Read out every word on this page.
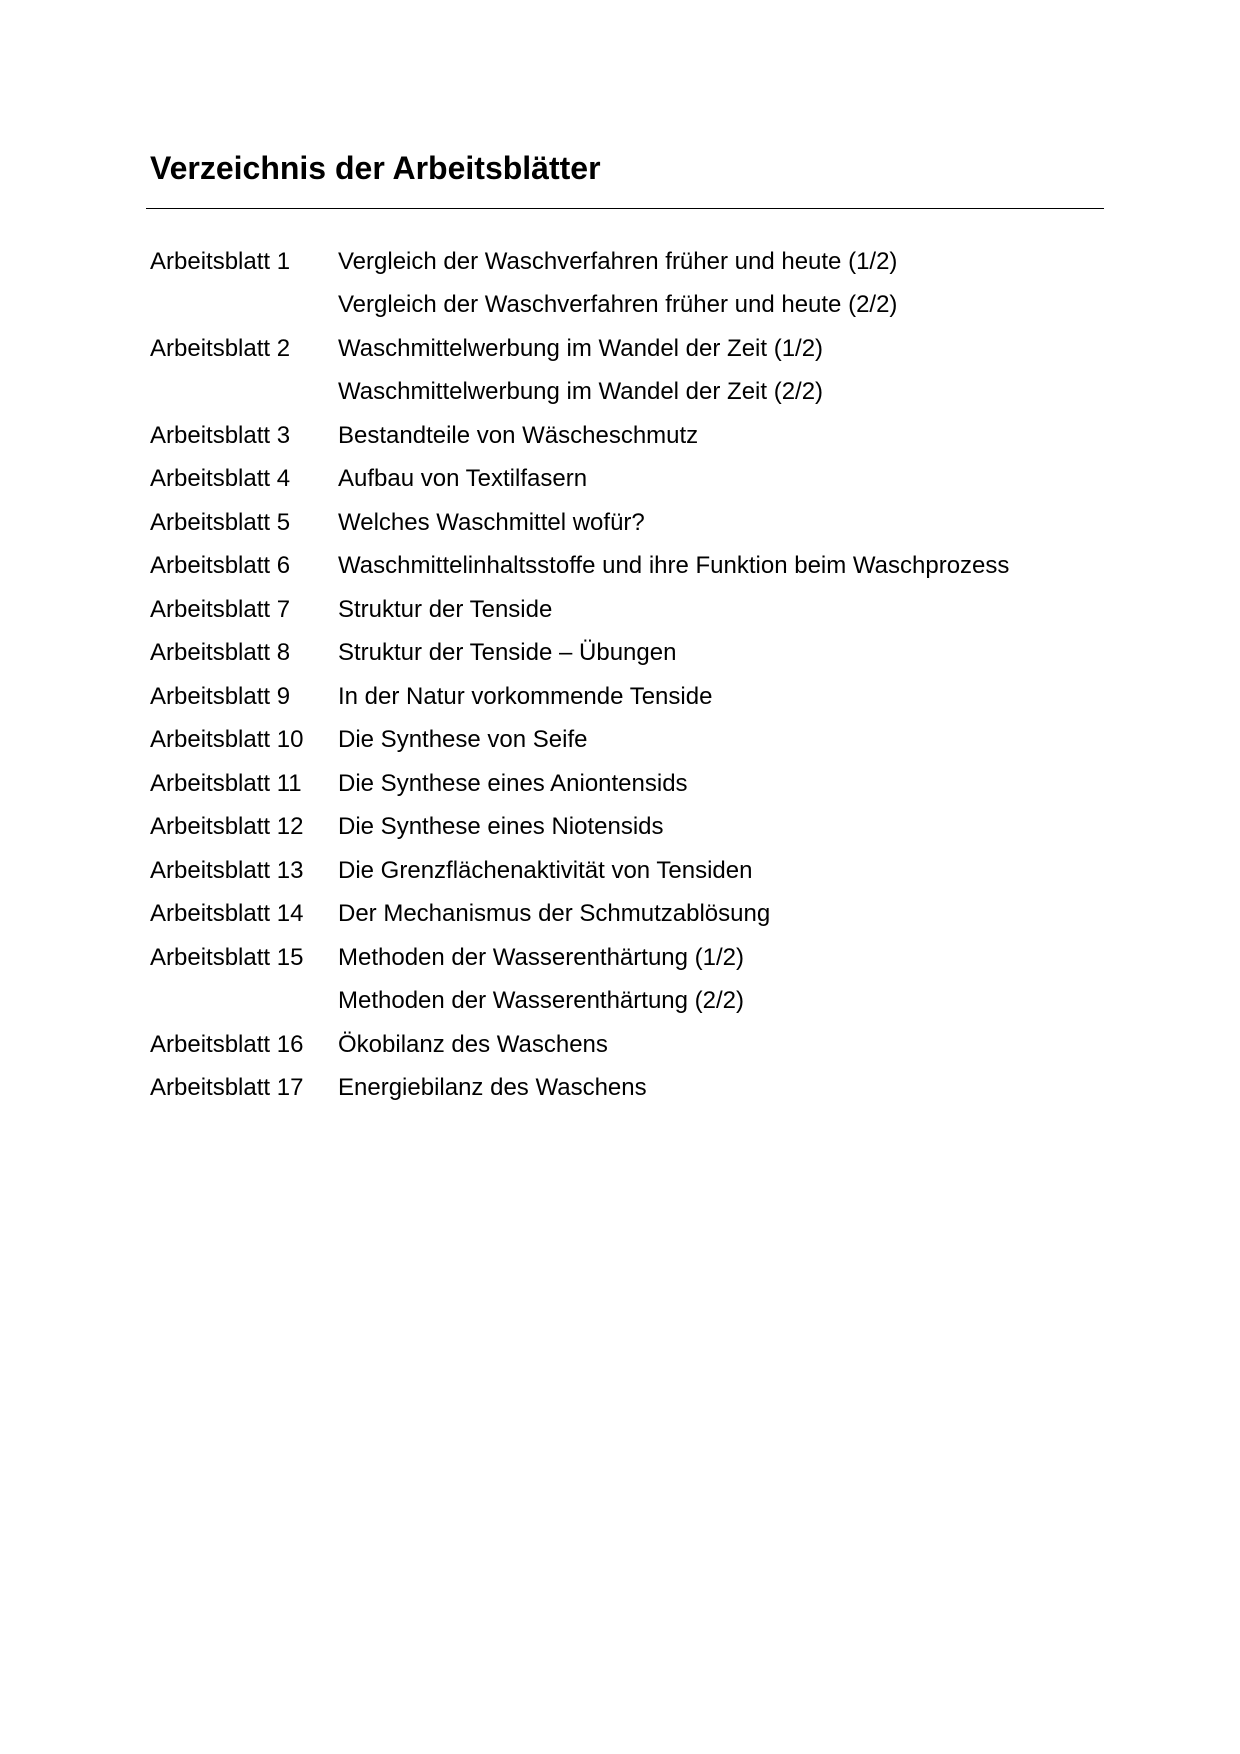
Verzeichnis der Arbeitsblätter
Arbeitsblatt 1	Vergleich der Waschverfahren früher und heute (1/2)
Vergleich der Waschverfahren früher und heute (2/2)
Arbeitsblatt 2	Waschmittelwerbung im Wandel der Zeit (1/2)
Waschmittelwerbung im Wandel der Zeit (2/2)
Arbeitsblatt 3	Bestandteile von Wäscheschmutz
Arbeitsblatt 4	Aufbau von Textilfasern
Arbeitsblatt 5	Welches Waschmittel wofür?
Arbeitsblatt 6	Waschmittelinhaltsstoffe und ihre Funktion beim Waschprozess
Arbeitsblatt 7	Struktur der Tenside
Arbeitsblatt 8	Struktur der Tenside – Übungen
Arbeitsblatt 9	In der Natur vorkommende Tenside
Arbeitsblatt 10	Die Synthese von Seife
Arbeitsblatt 11	Die Synthese eines Aniontensids
Arbeitsblatt 12	Die Synthese eines Niotensids
Arbeitsblatt 13	Die Grenzflächenaktivität von Tensiden
Arbeitsblatt 14	Der Mechanismus der Schmutzablösung
Arbeitsblatt 15	Methoden der Wasserenthärtung (1/2)
Methoden der Wasserenthärtung (2/2)
Arbeitsblatt 16	Ökobilanz des Waschens
Arbeitsblatt 17	Energiebilanz des Waschens
